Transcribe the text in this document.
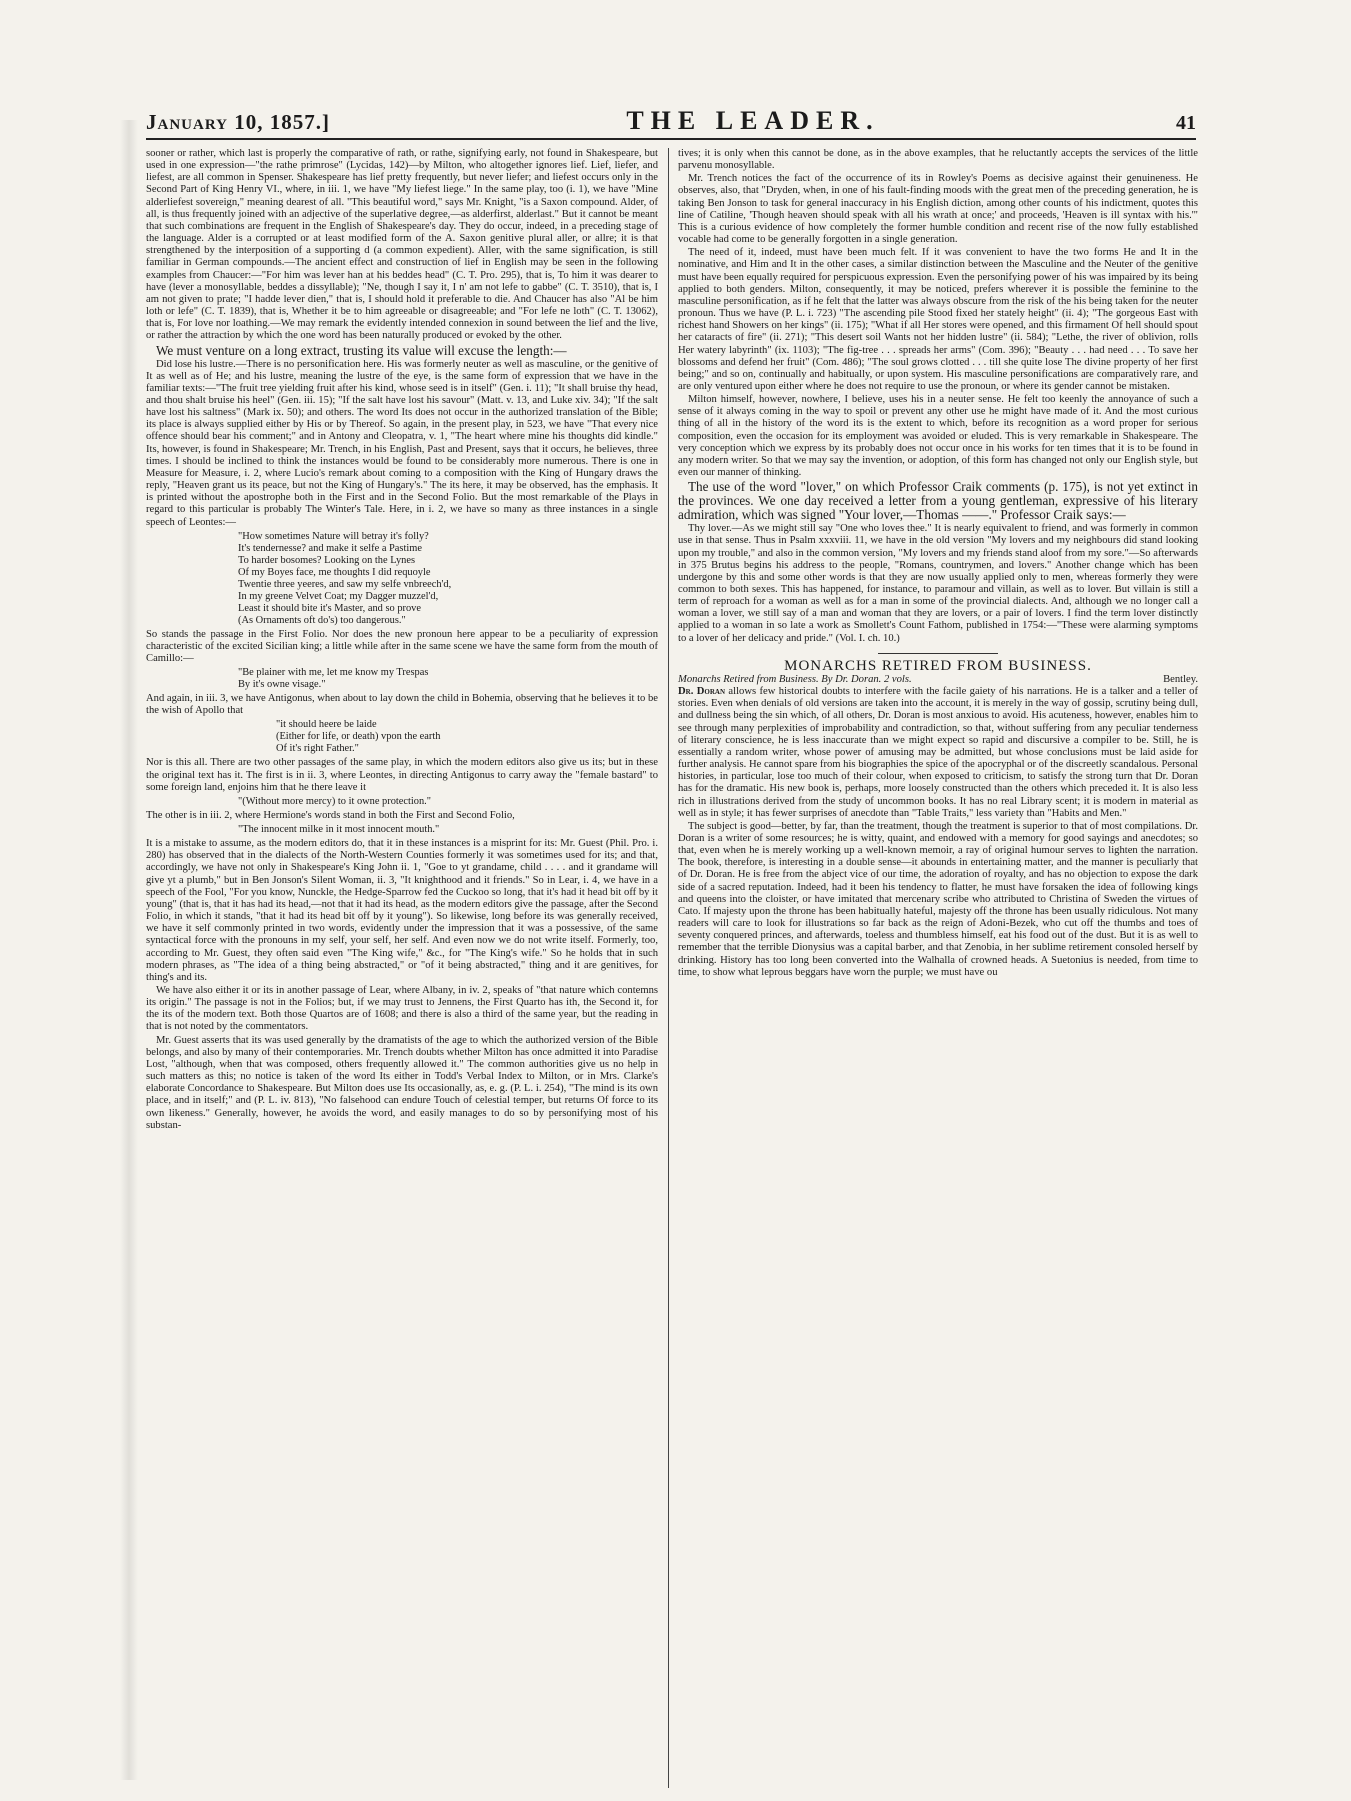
January 10, 1857.]	THE LEADER.	41

sooner or rather, which last is properly the comparative of rath, or rathe, signifying early, not found in Shakespeare, but used in one expression—"the rathe primrose" (Lycidas, 142)—by Milton, who altogether ignores lief. Lief, liefer, and liefest, are all common in Spenser. Shakespeare has lief pretty frequently, but never liefer; and liefest occurs only in the Second Part of King Henry VI., where, in iii. 1, we have "My liefest liege." In the same play, too (i. 1), we have "Mine alderliefest sovereign," meaning dearest of all. "This beautiful word," says Mr. Knight, "is a Saxon compound. Alder, of all, is thus frequently joined with an adjective of the superlative degree,—as alderfirst, alderlast." But it cannot be meant that such combinations are frequent in the English of Shakespeare's day. They do occur, indeed, in a preceding stage of the language. Alder is a corrupted or at least modified form of the A. Saxon genitive plural aller, or allre; it is that strengthened by the interposition of a supporting d (a common expedient). Aller, with the same signification, is still familiar in German compounds.—The ancient effect and construction of lief in English may be seen in the following examples from Chaucer:—"For him was lever han at his beddes head" (C. T. Pro. 295), that is, To him it was dearer to have (lever a monosyllable, beddes a dissyllable); "Ne, though I say it, I n' am not lefe to gabbe" (C. T. 3510), that is, I am not given to prate; "I hadde lever dien," that is, I should hold it preferable to die. And Chaucer has also "Al be him loth or lefe" (C. T. 1839), that is, Whether it be to him agreeable or disagreeable; and "For lefe ne loth" (C. T. 13062), that is, For love nor loathing.—We may remark the evidently intended connexion in sound between the lief and the live, or rather the attraction by which the one word has been naturally produced or evoked by the other.

We must venture on a long extract, trusting its value will excuse the length:—

Did lose his lustre.—There is no personification here. His was formerly neuter as well as masculine, or the genitive of It as well as of He; and his lustre, meaning the lustre of the eye, is the same form of expression that we have in the familiar texts:—"The fruit tree yielding fruit after his kind, whose seed is in itself" (Gen. i. 11); "It shall bruise thy head, and thou shalt bruise his heel" (Gen. iii. 15); "If the salt have lost his savour" (Matt. v. 13, and Luke xiv. 34); "If the salt have lost his saltness" (Mark ix. 50); and others. The word Its does not occur in the authorized translation of the Bible; its place is always supplied either by His or by Thereof. So again, in the present play, in 523, we have "That every nice offence should bear his comment;" and in Antony and Cleopatra, v. 1, "The heart where mine his thoughts did kindle." Its, however, is found in Shakespeare; Mr. Trench, in his English, Past and Present, says that it occurs, he believes, three times. I should be inclined to think the instances would be found to be considerably more numerous. There is one in Measure for Measure, i. 2, where Lucio's remark about coming to a composition with the King of Hungary draws the reply, "Heaven grant us its peace, but not the King of Hungary's." The its here, it may be observed, has the emphasis. It is printed without the apostrophe both in the First and in the Second Folio. But the most remarkable of the Plays in regard to this particular is probably The Winter's Tale. Here, in i. 2, we have so many as three instances in a single speech of Leontes:—

"How sometimes Nature will betray it's folly?
It's tendernesse? and make it selfe a Pastime
To harder bosomes? Looking on the Lynes
Of my Boyes face, me thoughts I did requoyle
Twentie three yeeres, and saw my selfe vnbreech'd,
In my greene Velvet Coat; my Dagger muzzel'd,
Least it should bite it's Master, and so prove
(As Ornaments oft do's) too dangerous."

So stands the passage in the First Folio. Nor does the new pronoun here appear to be a peculiarity of expression characteristic of the excited Sicilian king; a little while after in the same scene we have the same form from the mouth of Camillo:—

"Be plainer with me, let me know my Trespas
By it's owne visage."

And again, in iii. 3, we have Antigonus, when about to lay down the child in Bohemia, observing that he believes it to be the wish of Apollo that

"it should heere be laide
(Either for life, or death) vpon the earth
Of it's right Father."

Nor is this all. There are two other passages of the same play, in which the modern editors also give us its; but in these the original text has it. The first is in ii. 3, where Leontes, in directing Antigonus to carry away the "female bastard" to some foreign land, enjoins him that he there leave it

"(Without more mercy) to it owne protection."

The other is in iii. 2, where Hermione's words stand in both the First and Second Folio,

"The innocent milke in it most innocent mouth."

It is a mistake to assume, as the modern editors do, that it in these instances is a misprint for its: Mr. Guest (Phil. Pro. i. 280) has observed that in the dialects of the North-Western Counties formerly it was sometimes used for its; and that, accordingly, we have not only in Shakespeare's King John ii. 1, "Goe to yt grandame, child . . . . and it grandame will give yt a plumb," but in Ben Jonson's Silent Woman, ii. 3, "It knighthood and it friends." So in Lear, i. 4, we have in a speech of the Fool, "For you know, Nunckle, the Hedge-Sparrow fed the Cuckoo so long, that it's had it head bit off by it young" (that is, that it has had its head,—not that it had its head, as the modern editors give the passage, after the Second Folio, in which it stands, "that it had its head bit off by it young"). So likewise, long before its was generally received, we have it self commonly printed in two words, evidently under the impression that it was a possessive, of the same syntactical force with the pronouns in my self, your self, her self. And even now we do not write itself. Formerly, too, according to Mr. Guest, they often said even "The King wife," &c., for "The King's wife." So he holds that in such modern phrases, as "The idea of a thing being abstracted," or "of it being abstracted," thing and it are genitives, for thing's and its.

We have also either it or its in another passage of Lear, where Albany, in iv. 2, speaks of "that nature which contemns its origin." The passage is not in the Folios; but, if we may trust to Jennens, the First Quarto has ith, the Second it, for the its of the modern text. Both those Quartos are of 1608; and there is also a third of the same year, but the reading in that is not noted by the commentators.

Mr. Guest asserts that its was used generally by the dramatists of the age to which the authorized version of the Bible belongs, and also by many of their contemporaries. Mr. Trench doubts whether Milton has once admitted it into Paradise Lost, "although, when that was composed, others frequently allowed it." The common authorities give us no help in such matters as this; no notice is taken of the word Its either in Todd's Verbal Index to Milton, or in Mrs. Clarke's elaborate Concordance to Shakespeare. But Milton does use Its occasionally, as, e. g. (P. L. i. 254), "The mind is its own place, and in itself;" and (P. L. iv. 813), "No falsehood can endure Touch of celestial temper, but returns Of force to its own likeness." Generally, however, he avoids the word, and easily manages to do so by personifying most of his substan-

tives; it is only when this cannot be done, as in the above examples, that he reluctantly accepts the services of the little parvenu monosyllable.

Mr. Trench notices the fact of the occurrence of its in Rowley's Poems as decisive against their genuineness. He observes, also, that "Dryden, when, in one of his fault-finding moods with the great men of the preceding generation, he is taking Ben Jonson to task for general inaccuracy in his English diction, among other counts of his indictment, quotes this line of Catiline, 'Though heaven should speak with all his wrath at once;' and proceeds, 'Heaven is ill syntax with his.'" This is a curious evidence of how completely the former humble condition and recent rise of the now fully established vocable had come to be generally forgotten in a single generation.

The need of it, indeed, must have been much felt. If it was convenient to have the two forms He and It in the nominative, and Him and It in the other cases, a similar distinction between the Masculine and the Neuter of the genitive must have been equally required for perspicuous expression. Even the personifying power of his was impaired by its being applied to both genders. Milton, consequently, it may be noticed, prefers wherever it is possible the feminine to the masculine personification, as if he felt that the latter was always obscure from the risk of the his being taken for the neuter pronoun. Thus we have (P. L. i. 723) "The ascending pile Stood fixed her stately height" (ii. 4); "The gorgeous East with richest hand Showers on her kings" (ii. 175); "What if all Her stores were opened, and this firmament Of hell should spout her cataracts of fire" (ii. 271); "This desert soil Wants not her hidden lustre" (ii. 584); "Lethe, the river of oblivion, rolls Her watery labyrinth" (ix. 1103); "The fig-tree . . . spreads her arms" (Com. 396); "Beauty . . . had need . . . To save her blossoms and defend her fruit" (Com. 486); "The soul grows clotted . . . till she quite lose The divine property of her first being;" and so on, continually and habitually, or upon system. His masculine personifications are comparatively rare, and are only ventured upon either where he does not require to use the pronoun, or where its gender cannot be mistaken.

Milton himself, however, nowhere, I believe, uses his in a neuter sense. He felt too keenly the annoyance of such a sense of it always coming in the way to spoil or prevent any other use he might have made of it. And the most curious thing of all in the history of the word its is the extent to which, before its recognition as a word proper for serious composition, even the occasion for its employment was avoided or eluded. This is very remarkable in Shakespeare. The very conception which we express by its probably does not occur once in his works for ten times that it is to be found in any modern writer. So that we may say the invention, or adoption, of this form has changed not only our English style, but even our manner of thinking.

The use of the word "lover," on which Professor Craik comments (p. 175), is not yet extinct in the provinces. We one day received a letter from a young gentleman, expressive of his literary admiration, which was signed "Your lover,—Thomas ——." Professor Craik says:—

Thy lover.—As we might still say "One who loves thee." It is nearly equivalent to friend, and was formerly in common use in that sense. Thus in Psalm xxxviii. 11, we have in the old version "My lovers and my neighbours did stand looking upon my trouble," and also in the common version, "My lovers and my friends stand aloof from my sore."—So afterwards in 375 Brutus begins his address to the people, "Romans, countrymen, and lovers." Another change which has been undergone by this and some other words is that they are now usually applied only to men, whereas formerly they were common to both sexes. This has happened, for instance, to paramour and villain, as well as to lover. But villain is still a term of reproach for a woman as well as for a man in some of the provincial dialects. And, although we no longer call a woman a lover, we still say of a man and woman that they are lovers, or a pair of lovers. I find the term lover distinctly applied to a woman in so late a work as Smollett's Count Fathom, published in 1754:—"These were alarming symptoms to a lover of her delicacy and pride." (Vol. I. ch. 10.)

MONARCHS RETIRED FROM BUSINESS.
Monarchs Retired from Business. By Dr. Doran. 2 vols.	Bentley.

Dr. Doran allows few historical doubts to interfere with the facile gaiety of his narrations. He is a talker and a teller of stories. Even when denials of old versions are taken into the account, it is merely in the way of gossip, scrutiny being dull, and dullness being the sin which, of all others, Dr. Doran is most anxious to avoid. His acuteness, however, enables him to see through many perplexities of improbability and contradiction, so that, without suffering from any peculiar tenderness of literary conscience, he is less inaccurate than we might expect so rapid and discursive a compiler to be. Still, he is essentially a random writer, whose power of amusing may be admitted, but whose conclusions must be laid aside for further analysis. He cannot spare from his biographies the spice of the apocryphal or of the discreetly scandalous. Personal histories, in particular, lose too much of their colour, when exposed to criticism, to satisfy the strong turn that Dr. Doran has for the dramatic. His new book is, perhaps, more loosely constructed than the others which preceded it. It is also less rich in illustrations derived from the study of uncommon books. It has no real Library scent; it is modern in material as well as in style; it has fewer surprises of anecdote than "Table Traits," less variety than "Habits and Men."

The subject is good—better, by far, than the treatment, though the treatment is superior to that of most compilations. Dr. Doran is a writer of some resources; he is witty, quaint, and endowed with a memory for good sayings and anecdotes; so that, even when he is merely working up a well-known memoir, a ray of original humour serves to lighten the narration. The book, therefore, is interesting in a double sense—it abounds in entertaining matter, and the manner is peculiarly that of Dr. Doran. He is free from the abject vice of our time, the adoration of royalty, and has no objection to expose the dark side of a sacred reputation. Indeed, had it been his tendency to flatter, he must have forsaken the idea of following kings and queens into the cloister, or have imitated that mercenary scribe who attributed to Christina of Sweden the virtues of Cato. If majesty upon the throne has been habitually hateful, majesty off the throne has been usually ridiculous. Not many readers will care to look for illustrations so far back as the reign of Adoni-Bezek, who cut off the thumbs and toes of seventy conquered princes, and afterwards, toeless and thumbless himself, eat his food out of the dust. But it is as well to remember that the terrible Dionysius was a capital barber, and that Zenobia, in her sublime retirement consoled herself by drinking. History has too long been converted into the Walhalla of crowned heads. A Suetonius is needed, from time to time, to show what leprous beggars have worn the purple; we must have ou
